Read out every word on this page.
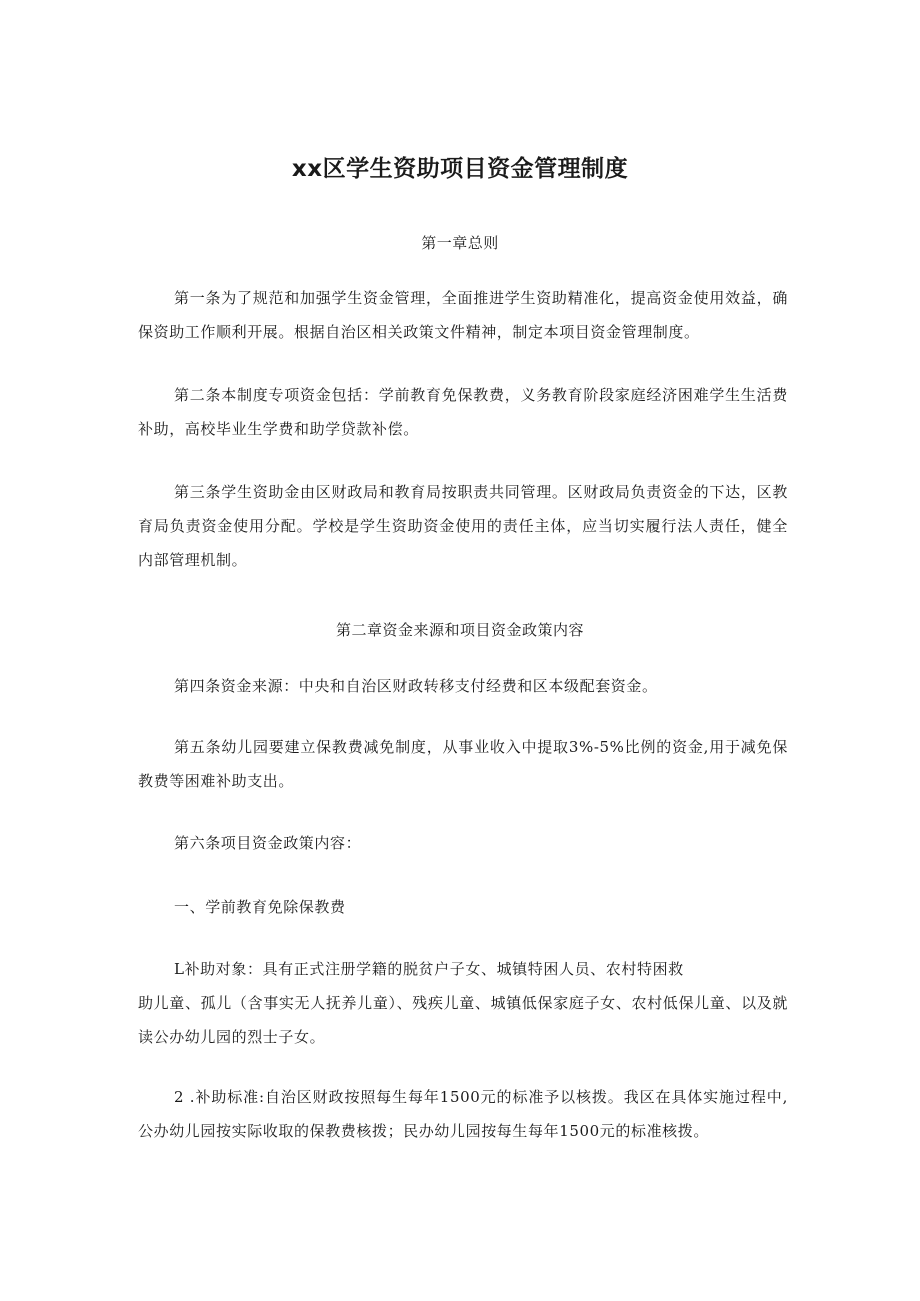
xx区学生资助项目资金管理制度
第一章总则

第一条为了规范和加强学生资金管理，全面推进学生资助精准化，提高资金使用效益，确保资助工作顺利开展。根据自治区相关政策文件精神，制定本项目资金管理制度。

第二条本制度专项资金包括：学前教育免保教费，义务教育阶段家庭经济困难学生生活费补助，高校毕业生学费和助学贷款补偿。

第三条学生资助金由区财政局和教育局按职责共同管理。区财政局负责资金的下达，区教育局负责资金使用分配。学校是学生资助资金使用的责任主体，应当切实履行法人责任，健全内部管理机制。

第二章资金来源和项目资金政策内容

第四条资金来源：中央和自治区财政转移支付经费和区本级配套资金。

第五条幼儿园要建立保教费减免制度，从事业收入中提取3%-5%比例的资金,用于减免保教费等困难补助支出。

第六条项目资金政策内容：

一、学前教育免除保教费

L补助对象：具有正式注册学籍的脱贫户子女、城镇特困人员、农村特困救
助儿童、孤儿（含事实无人抚养儿童）、残疾儿童、城镇低保家庭子女、农村低保儿童、以及就读公办幼儿园的烈士子女。

2 .补助标准:自治区财政按照每生每年1500元的标准予以核拨。我区在具体实施过程中,公办幼儿园按实际收取的保教费核拨；民办幼儿园按每生每年1500元的标准核拨。
